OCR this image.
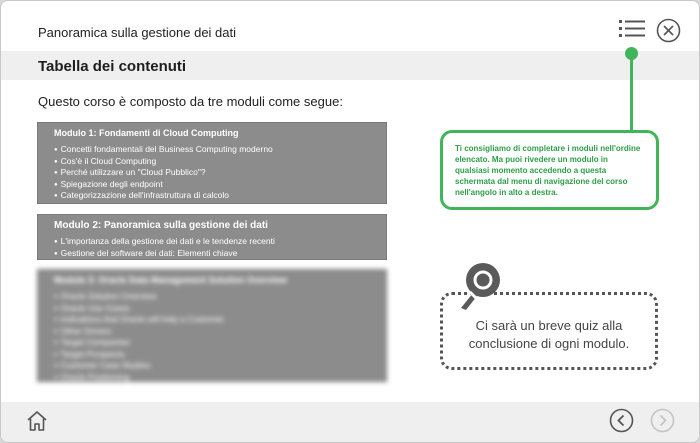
Panoramica sulla gestione dei dati
Tabella dei contenuti
Questo corso è composto da tre moduli come segue:
Modulo 1: Fondamenti di Cloud Computing
● Concetti fondamentali del Business Computing moderno
● Cos'è il Cloud Computing
● Perché utilizzare un "Cloud Pubblico"?
● Spiegazione degli endpoint
● Categorizzazione dell'infrastruttura di calcolo
Modulo 2: Panoramica sulla gestione dei dati
● L'importanza della gestione dei dati e le tendenze recenti
● Gestione del software dei dati: Elementi chiave
Module 3: Oracle Data Management Solution Overview
● Oracle Solution Overview
● Oracle Use Cases
● Indications that Oracle will help a Customer
● Other Drivers
● Target Companies
● Target Prospects
● Customer Case Studies
● Oracle Positioning
Ti consigliamo di completare i moduli nell'ordine elencato. Ma puoi rivedere un modulo in qualsiasi momento accedendo a questa schermata dal menu di navigazione del corso nell'angolo in alto a destra.
Ci sarà un breve quiz alla conclusione di ogni modulo.
